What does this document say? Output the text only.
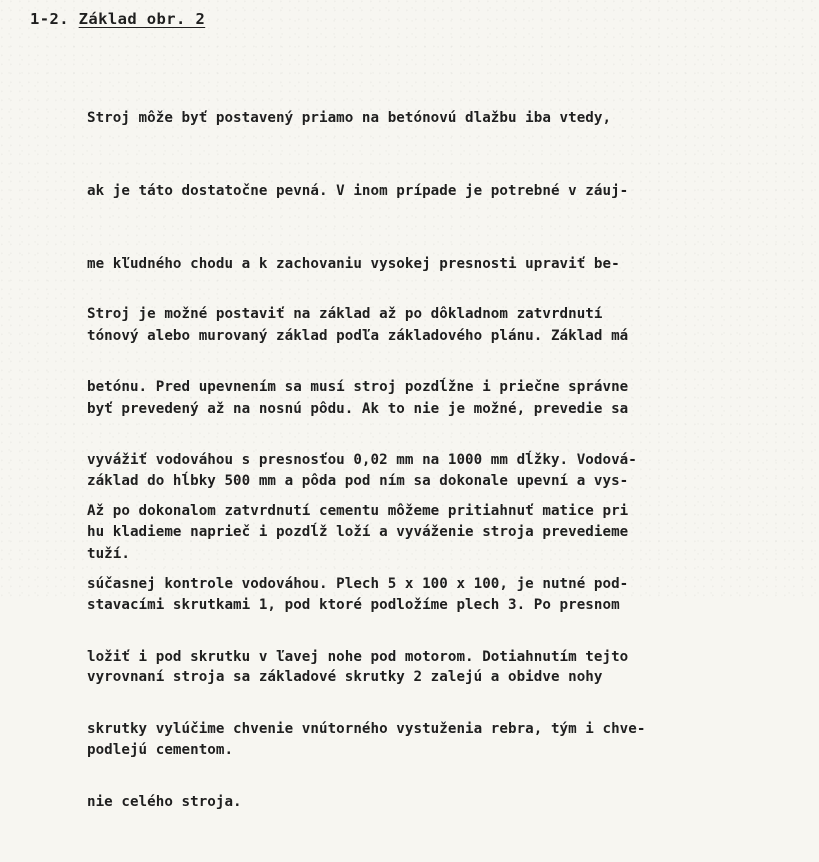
1-2. Základ obr. 2

Stroj môže byť postavený priamo na betónovú dlažbu iba vtedy,

ak je táto dostatočne pevná. V inom prípade je potrebné v záuj-

me kľudného chodu a k zachovaniu vysokej presnosti upraviť be-

tónový alebo murovaný základ podľa základového plánu. Základ má

byť prevedený až na nosnú pôdu. Ak to nie je možné, prevedie sa

základ do hĺbky 500 mm a pôda pod ním sa dokonale upevní a vys-

tuží.

Stroj je možné postaviť na základ až po dôkladnom zatvrdnutí

betónu. Pred upevnením sa musí stroj pozdĺžne i priečne správne

vyvážiť vodováhou s presnosťou 0,02 mm na 1000 mm dĺžky. Vodová-

hu kladieme naprieč i pozdĺž loží a vyváženie stroja prevedieme

stavacími skrutkami 1, pod ktoré podložíme plech 3. Po presnom

vyrovnaní stroja sa základové skrutky 2 zalejú a obidve nohy

podlejú cementom.

Až po dokonalom zatvrdnutí cementu môžeme pritiahnuť matice pri

súčasnej kontrole vodováhou. Plech 5 x 100 x 100, je nutné pod-

ložiť i pod skrutku v ľavej nohe pod motorom. Dotiahnutím tejto

skrutky vylúčime chvenie vnútorného vystuženia rebra, tým i chve-

nie celého stroja.
